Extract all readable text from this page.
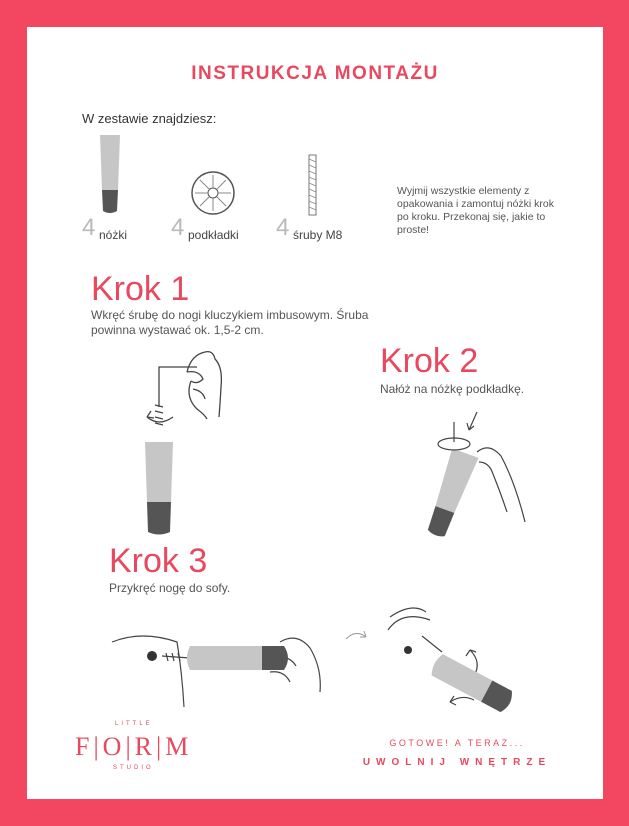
INSTRUKCJA MONTAŻU
W zestawie znajdziesz:
4 nóżki 4 podkładki 4 śruby M8
Wyjmij wszystkie elementy z opakowania i zamontuj nóżki krok po kroku. Przekonaj się, jakie to proste!
Krok 1
Wkręć śrubę do nogi kluczykiem imbusowym. Śruba powinna wystawać ok. 1,5-2 cm.
Krok 2
Nałóż na nóżkę podkładkę.
Krok 3
Przykręć nogę do sofy.
LITTLE
F|O|R|M
STUDIO
GOTOWE! A TERAZ...
UWOLNIJ WNĘTRZE
